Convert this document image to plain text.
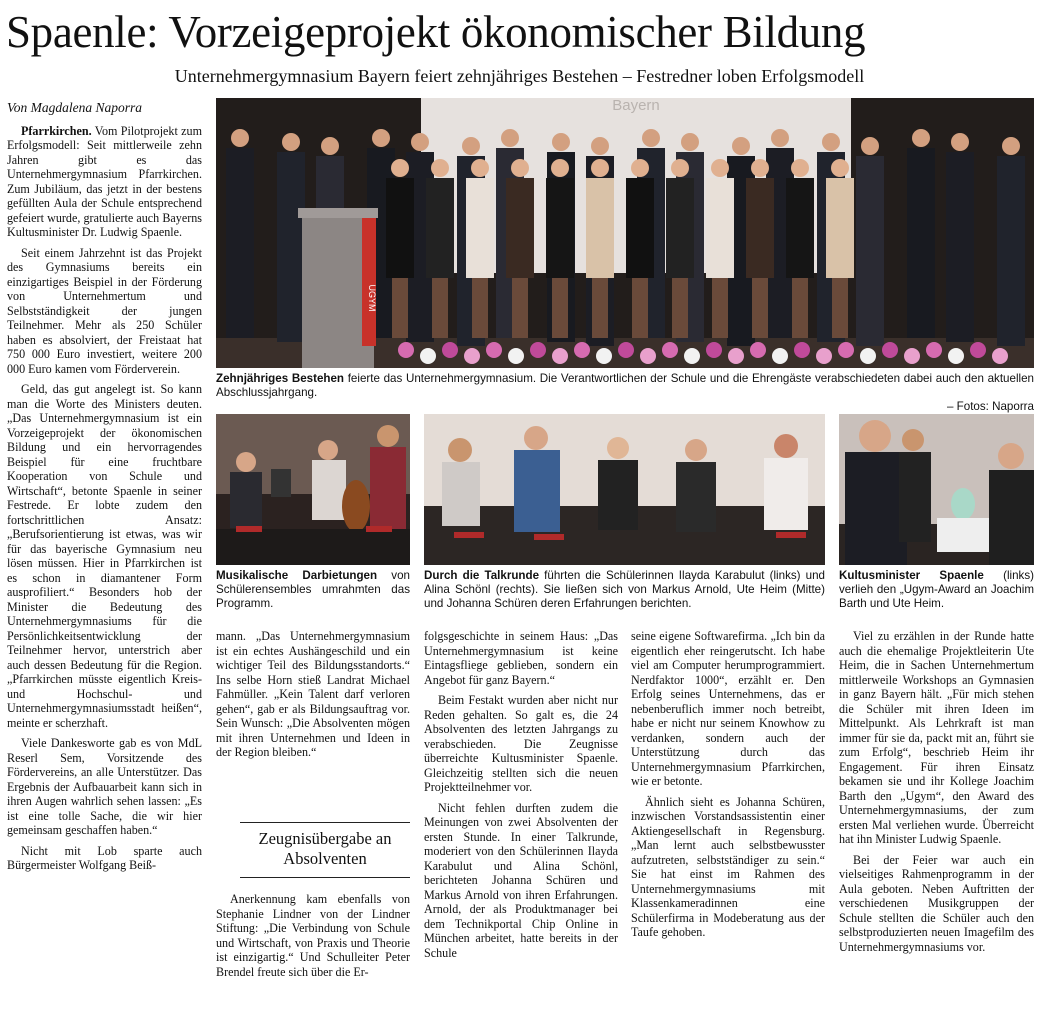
Spaenle: Vorzeigeprojekt ökonomischer Bildung
Unternehmergymnasium Bayern feiert zehnjähriges Bestehen – Festredner loben Erfolgsmodell

Von Magdalena Naporra

Pfarrkirchen. Vom Pilotprojekt zum Erfolgsmodell: Seit mittlerweile zehn Jahren gibt es das Unternehmergymnasium Pfarrkirchen. Zum Jubiläum, das jetzt in der bestens gefüllten Aula der Schule entsprechend gefeiert wurde, gratulierte auch Bayerns Kultusminister Dr. Ludwig Spaenle.

Seit einem Jahrzehnt ist das Projekt des Gymnasiums bereits ein einzigartiges Beispiel in der Förderung von Unternehmertum und Selbstständigkeit der jungen Teilnehmer. Mehr als 250 Schüler haben es absolviert, der Freistaat hat 750 000 Euro investiert, weitere 200 000 Euro kamen vom Förderverein.

Geld, das gut angelegt ist. So kann man die Worte des Ministers deuten. „Das Unternehmergymnasium ist ein Vorzeigeprojekt der ökonomischen Bildung und ein hervorragendes Beispiel für eine fruchtbare Kooperation von Schule und Wirtschaft“, betonte Spaenle in seiner Festrede. Er lobte zudem den fortschrittlichen Ansatz: „Berufsorientierung ist etwas, was wir für das bayerische Gymnasium neu lösen müssen. Hier in Pfarrkirchen ist es schon in diamantener Form ausprofiliert.“ Besonders hob der Minister die Bedeutung des Unternehmergymnasiums für die Persönlichkeitsentwicklung der Teilnehmer hervor, unterstrich aber auch dessen Bedeutung für die Region. „Pfarrkirchen müsste eigentlich Kreis- und Hochschul- und Unternehmergymnasiumsstadt heißen“, meinte er scherzhaft.

Viele Dankesworte gab es von MdL Reserl Sem, Vorsitzende des Fördervereins, an alle Unterstützer. Das Ergebnis der Aufbauarbeit kann sich in ihren Augen wahrlich sehen lassen: „Es ist eine tolle Sache, die wir hier gemeinsam geschaffen haben.“

Nicht mit Lob sparte auch Bürgermeister Wolfgang Beiß-

Bayern
UGYM

Zehnjähriges Bestehen feierte das Unternehmergymnasium. Die Verantwortlichen der Schule und die Ehrengäste verabschiedeten dabei auch den aktuellen Abschlussjahrgang.
– Fotos: Naporra

Musikalische Darbietungen von Schülerensembles umrahmten das Programm.

Durch die Talkrunde führten die Schülerinnen Ilayda Karabulut (links) und Alina Schönl (rechts). Sie ließen sich von Markus Arnold, Ute Heim (Mitte) und Johanna Schüren deren Erfahrungen berichten.

Kultusminister Spaenle (links) verlieh den „Ugym-Award an Joachim Barth und Ute Heim.

mann. „Das Unternehmergymnasium ist ein echtes Aushängeschild und ein wichtiger Teil des Bildungsstandorts.“ Ins selbe Horn stieß Landrat Michael Fahmüller. „Kein Talent darf verloren gehen“, gab er als Bildungsauftrag vor. Sein Wunsch: „Die Absolventen mögen mit ihren Unternehmen und Ideen in der Region bleiben.“

Zeugnisübergabe an Absolventen

Anerkennung kam ebenfalls von Stephanie Lindner von der Lindner Stiftung: „Die Verbindung von Schule und Wirtschaft, von Praxis und Theorie ist einzigartig.“ Und Schulleiter Peter Brendel freute sich über die Er-

folgsgeschichte in seinem Haus: „Das Unternehmergymnasium ist keine Eintagsfliege geblieben, sondern ein Angebot für ganz Bayern.“

Beim Festakt wurden aber nicht nur Reden gehalten. So galt es, die 24 Absolventen des letzten Jahrgangs zu verabschieden. Die Zeugnisse überreichte Kultusminister Spaenle. Gleichzeitig stellten sich die neuen Projektteilnehmer vor.

Nicht fehlen durften zudem die Meinungen von zwei Absolventen der ersten Stunde. In einer Talkrunde, moderiert von den Schülerinnen Ilayda Karabulut und Alina Schönl, berichteten Johanna Schüren und Markus Arnold von ihren Erfahrungen. Arnold, der als Produktmanager bei dem Technikportal Chip Online in München arbeitet, hatte bereits in der Schule

seine eigene Softwarefirma. „Ich bin da eigentlich eher reingerutscht. Ich habe viel am Computer herumprogrammiert. Nerdfaktor 1000“, erzählt er. Den Erfolg seines Unternehmens, das er nebenberuflich immer noch betreibt, habe er nicht nur seinem Knowhow zu verdanken, sondern auch der Unterstützung durch das Unternehmergymnasium Pfarrkirchen, wie er betonte.

Ähnlich sieht es Johanna Schüren, inzwischen Vorstandsassistentin einer Aktiengesellschaft in Regensburg. „Man lernt auch selbstbewusster aufzutreten, selbstständiger zu sein.“ Sie hat einst im Rahmen des Unternehmergymnasiums mit Klassenkameradinnen eine Schülerfirma in Modeberatung aus der Taufe gehoben.

Viel zu erzählen in der Runde hatte auch die ehemalige Projektleiterin Ute Heim, die in Sachen Unternehmertum mittlerweile Workshops an Gymnasien in ganz Bayern hält. „Für mich stehen die Schüler mit ihren Ideen im Mittelpunkt. Als Lehrkraft ist man immer für sie da, packt mit an, führt sie zum Erfolg“, beschrieb Heim ihr Engagement. Für ihren Einsatz bekamen sie und ihr Kollege Joachim Barth den „Ugym“, den Award des Unternehmergymnasiums, der zum ersten Mal verliehen wurde. Überreicht hat ihn Minister Ludwig Spaenle.

Bei der Feier war auch ein vielseitiges Rahmenprogramm in der Aula geboten. Neben Auftritten der verschiedenen Musikgruppen der Schule stellten die Schüler auch den selbstproduzierten neuen Imagefilm des Unternehmergymnasiums vor.
